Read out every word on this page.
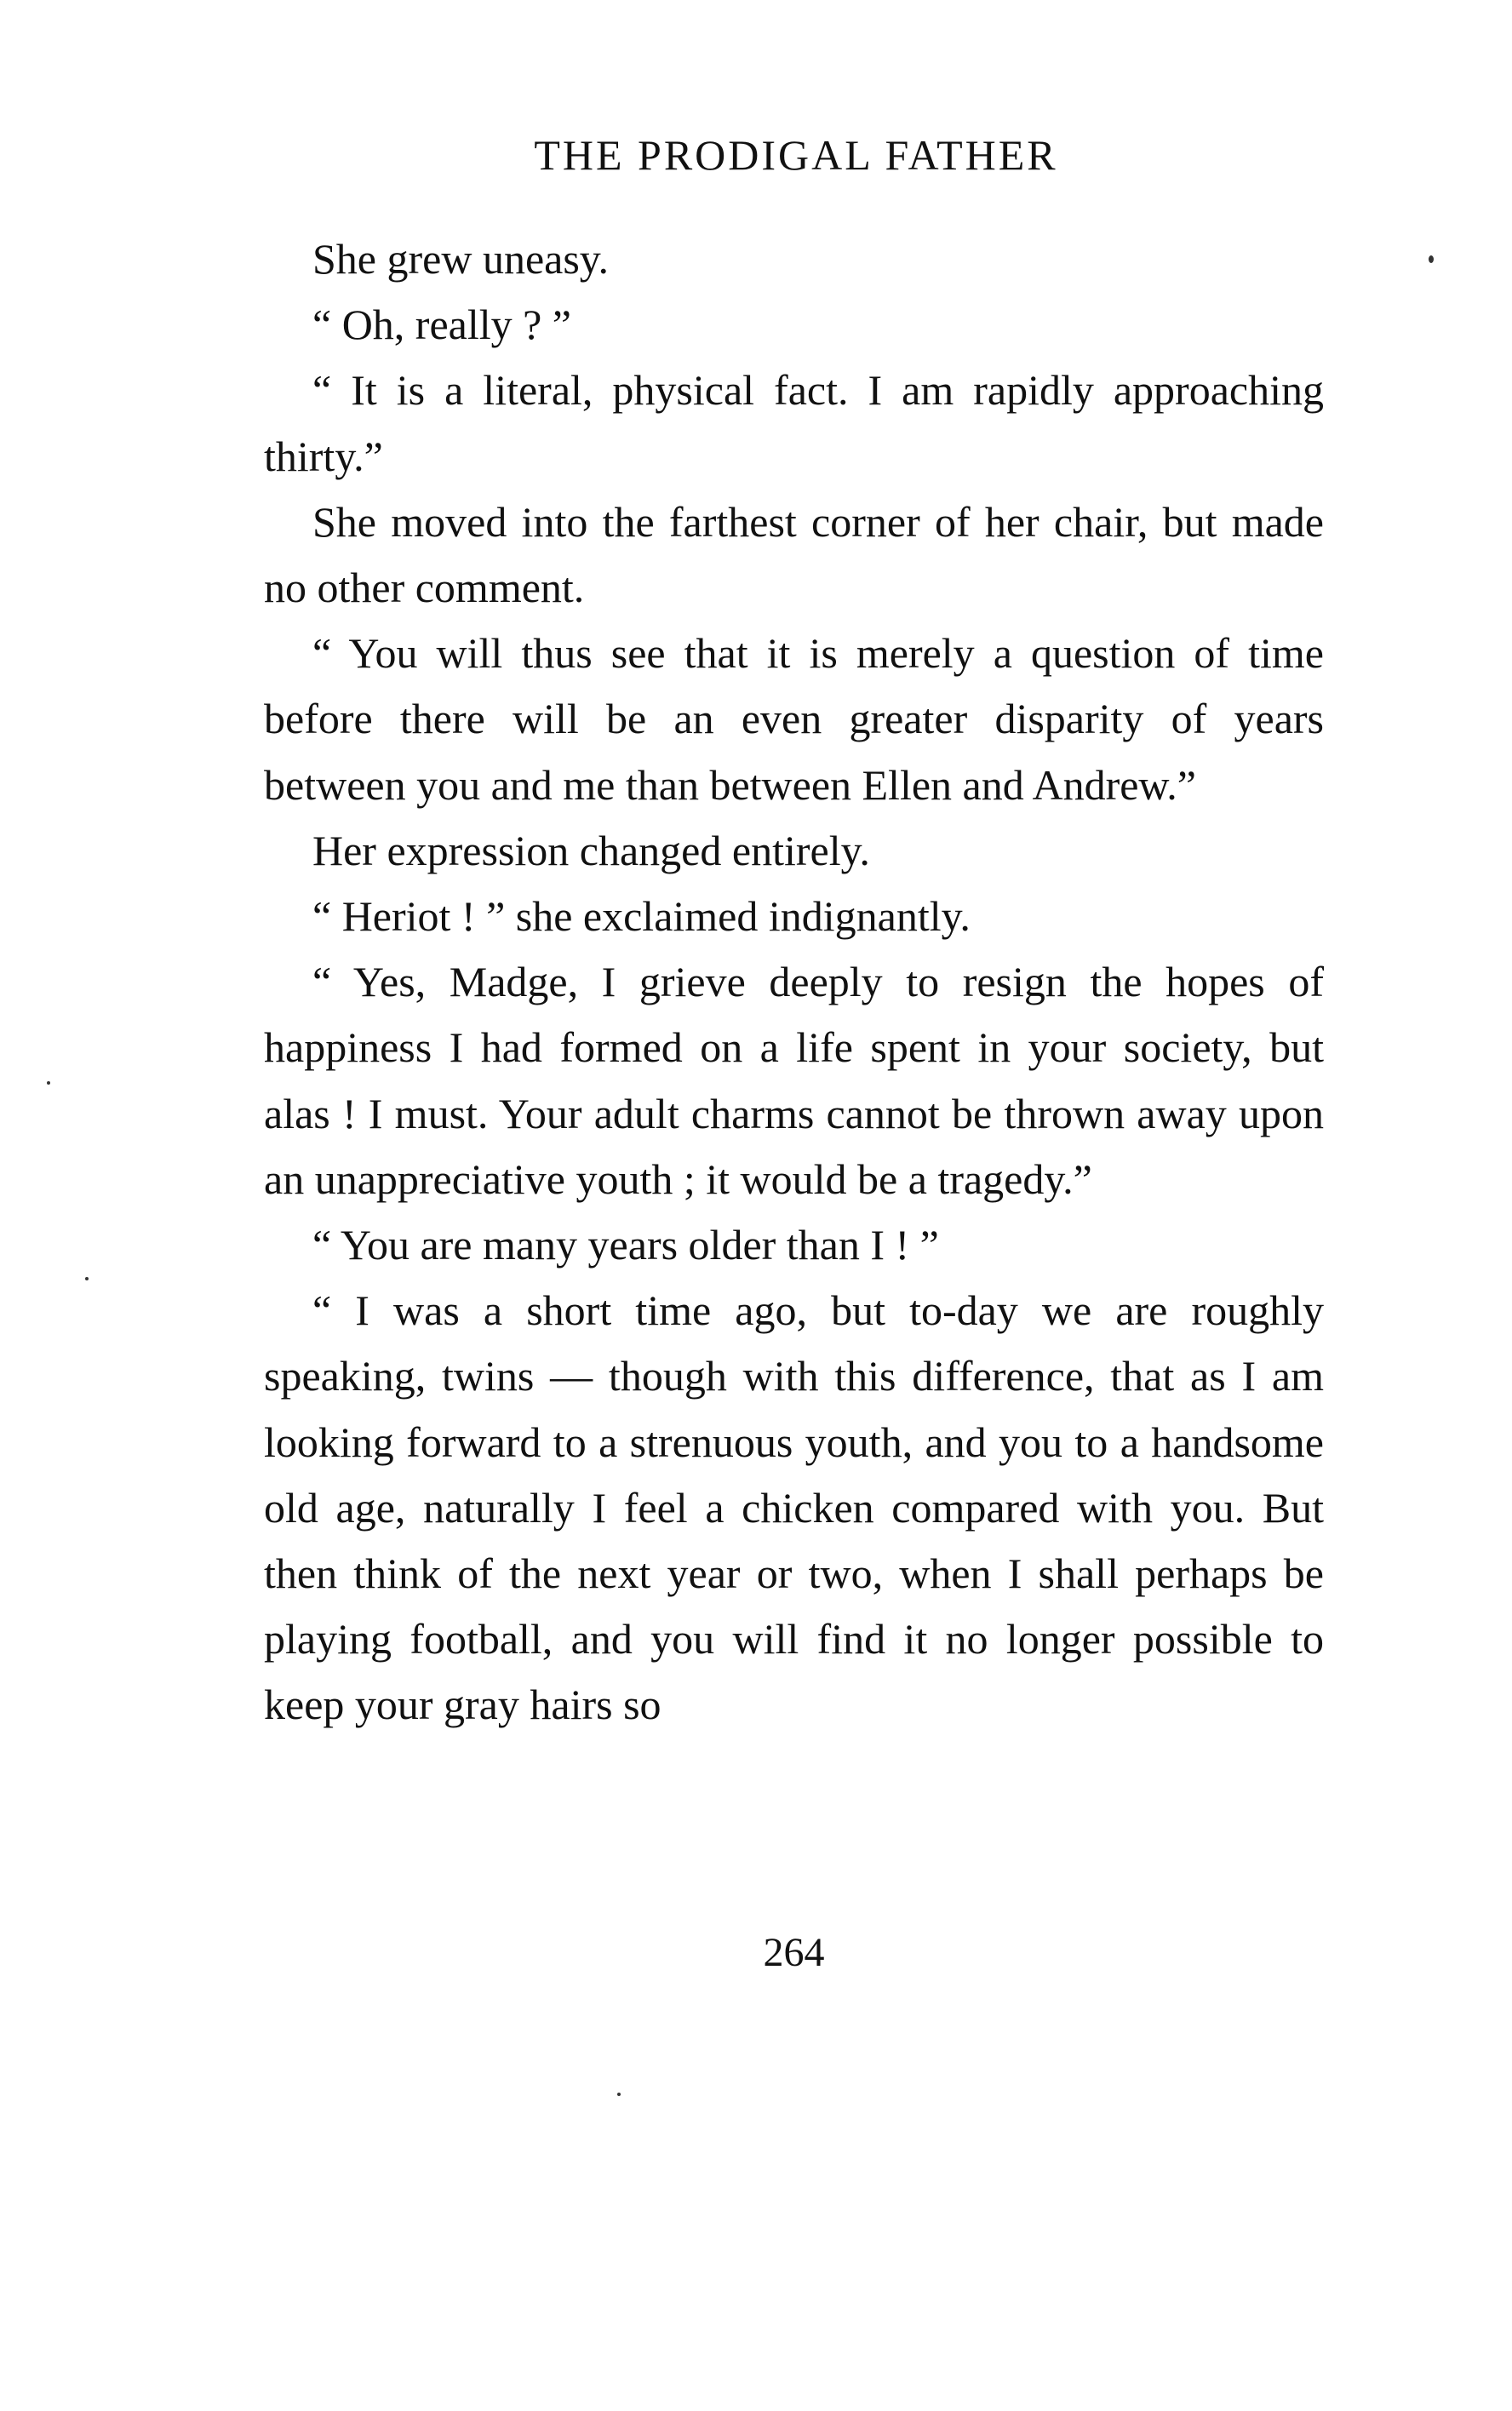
THE PRODIGAL FATHER

She grew uneasy.

“ Oh, really ? ”

“ It is a literal, physical fact. I am rapidly approaching thirty.”

She moved into the farthest corner of her chair, but made no other comment.

“ You will thus see that it is merely a question of time before there will be an even greater disparity of years between you and me than between Ellen and Andrew.”

Her expression changed entirely.

“ Heriot ! ” she exclaimed indignantly.

“ Yes, Madge, I grieve deeply to resign the hopes of happiness I had formed on a life spent in your society, but alas ! I must. Your adult charms cannot be thrown away upon an unappreciative youth ; it would be a tragedy.”

“ You are many years older than I ! ”

“ I was a short time ago, but to-day we are roughly speaking, twins — though with this difference, that as I am looking forward to a strenuous youth, and you to a handsome old age, naturally I feel a chicken compared with you. But then think of the next year or two, when I shall perhaps be playing football, and you will find it no longer possible to keep your gray hairs so

264
